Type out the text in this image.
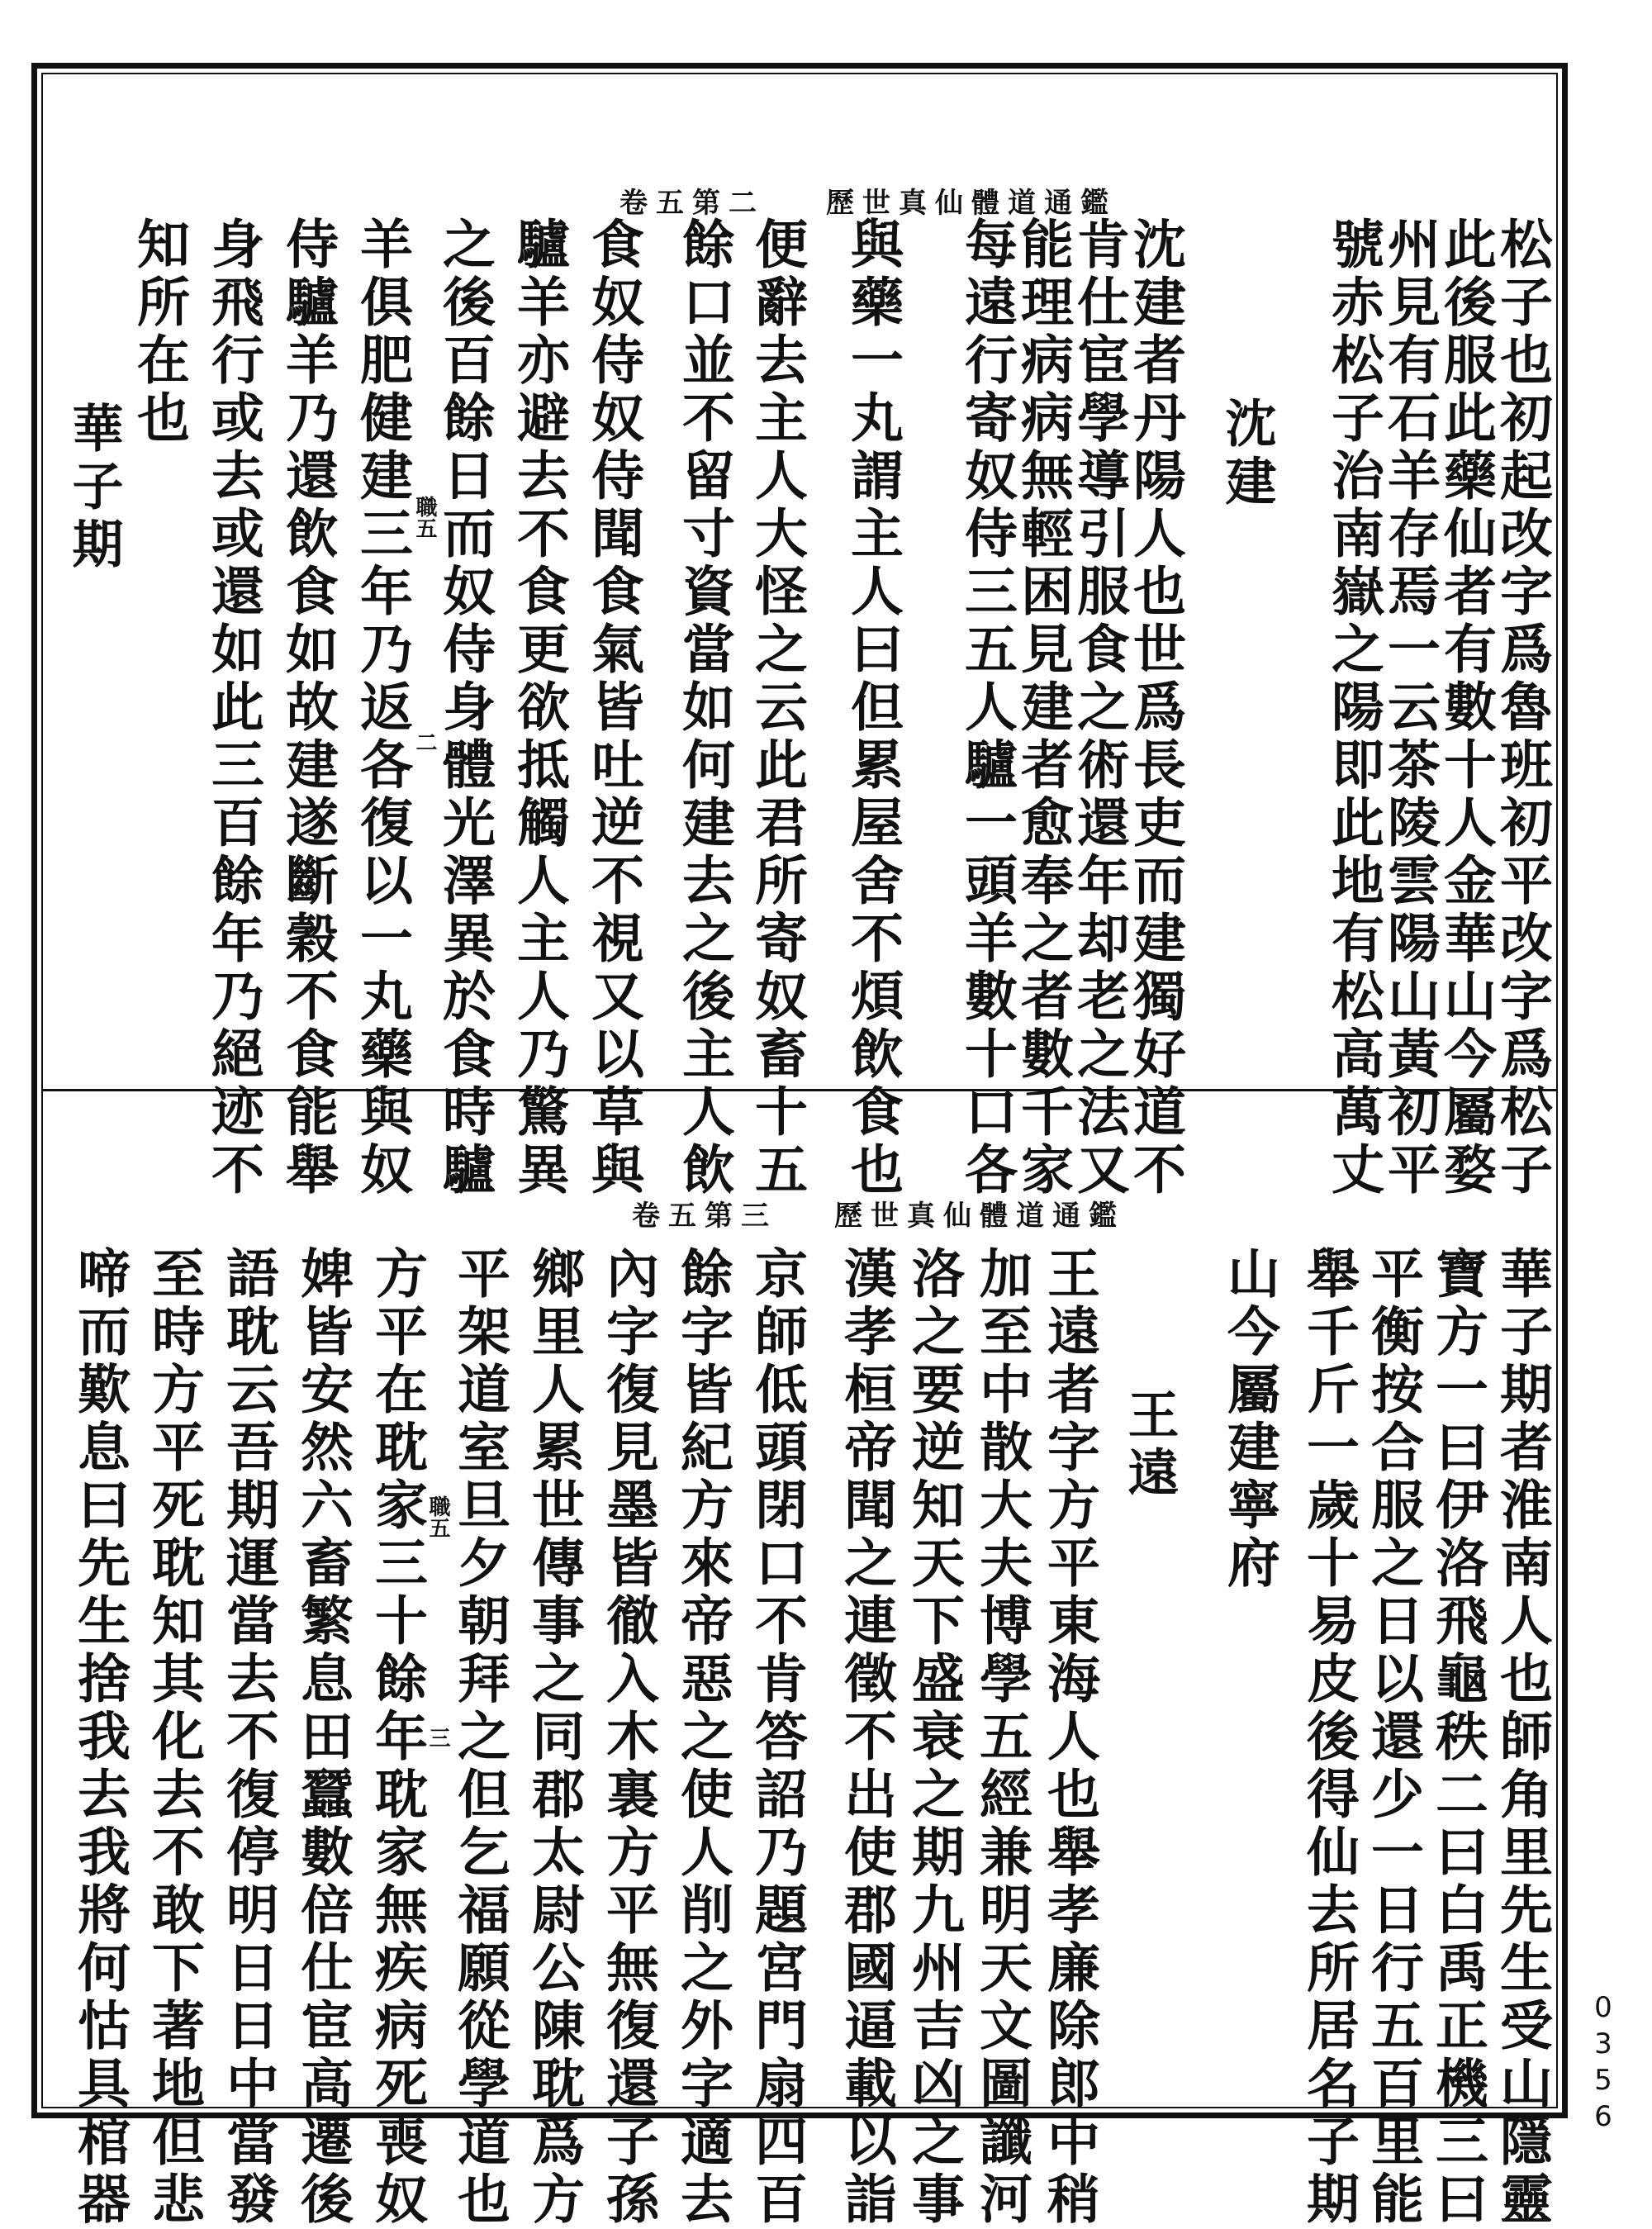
歷世真仙體道通鑑
卷五第二
松子也初起改字爲魯班初平改字爲松子
此後服此藥仙者有數十人金華山今屬婺
州見有石羊存焉一云茶陵雲陽山黃初平
號赤松子治南嶽之陽即此地有松高萬丈
沈建
沈建者丹陽人也世爲長吏而建獨好道不
肯仕宦學導引服食之術還年却老之法又
能理病病無輕困見建者愈奉之者數千家
每遠行寄奴侍三五人驢一頭羊數十口各
與藥一丸謂主人曰但累屋舍不煩飲食也
便辭去主人大怪之云此君所寄奴畜十五
餘口並不留寸資當如何建去之後主人飲
食奴侍奴侍聞食氣皆吐逆不視又以草與
驢羊亦避去不食更欲抵觸人主人乃驚異
之後百餘日而奴侍身體光澤異於食時驢
羊俱肥健建三年乃返各復以一丸藥與奴
侍驢羊乃還飲食如故建遂斷穀不食能舉
身飛行或去或還如此三百餘年乃絕迹不
知所在也
華子期	職五
二
歷世真仙體道通鑑
卷五第三
華子期者淮南人也師角里先生受山隱靈
寶方一曰伊洛飛龜秩二曰白禹正機三曰
平衡按合服之日以還少一日行五百里能
舉千斤一歲十易皮後得仙去所居名子期
山今屬建寧府
王遠
王遠者字方平東海人也舉孝廉除郎中稍
加至中散大夫博學五經兼明天文圖讖河
洛之要逆知天下盛衰之期九州吉凶之事
漢孝桓帝聞之連徵不出使郡國逼載以詣
京師低頭閉口不肯答詔乃題宮門扇四百
餘字皆紀方來帝惡之使人削之外字適去
內字復見墨皆徹入木裏方平無復還子孫
鄉里人累世傳事之同郡太尉公陳耽爲方
平架道室旦夕朝拜之但乞福願從學道也
方平在耽家三十餘年耽家無疾病死喪奴
婢皆安然六畜繁息田蠶數倍仕宦高遷後
語耽云吾期運當去不復停明日日中當發
至時方平死耽知其化去不敢下著地但悲
啼而歎息曰先生捨我去我將何怙具棺器	職五
三
0356
